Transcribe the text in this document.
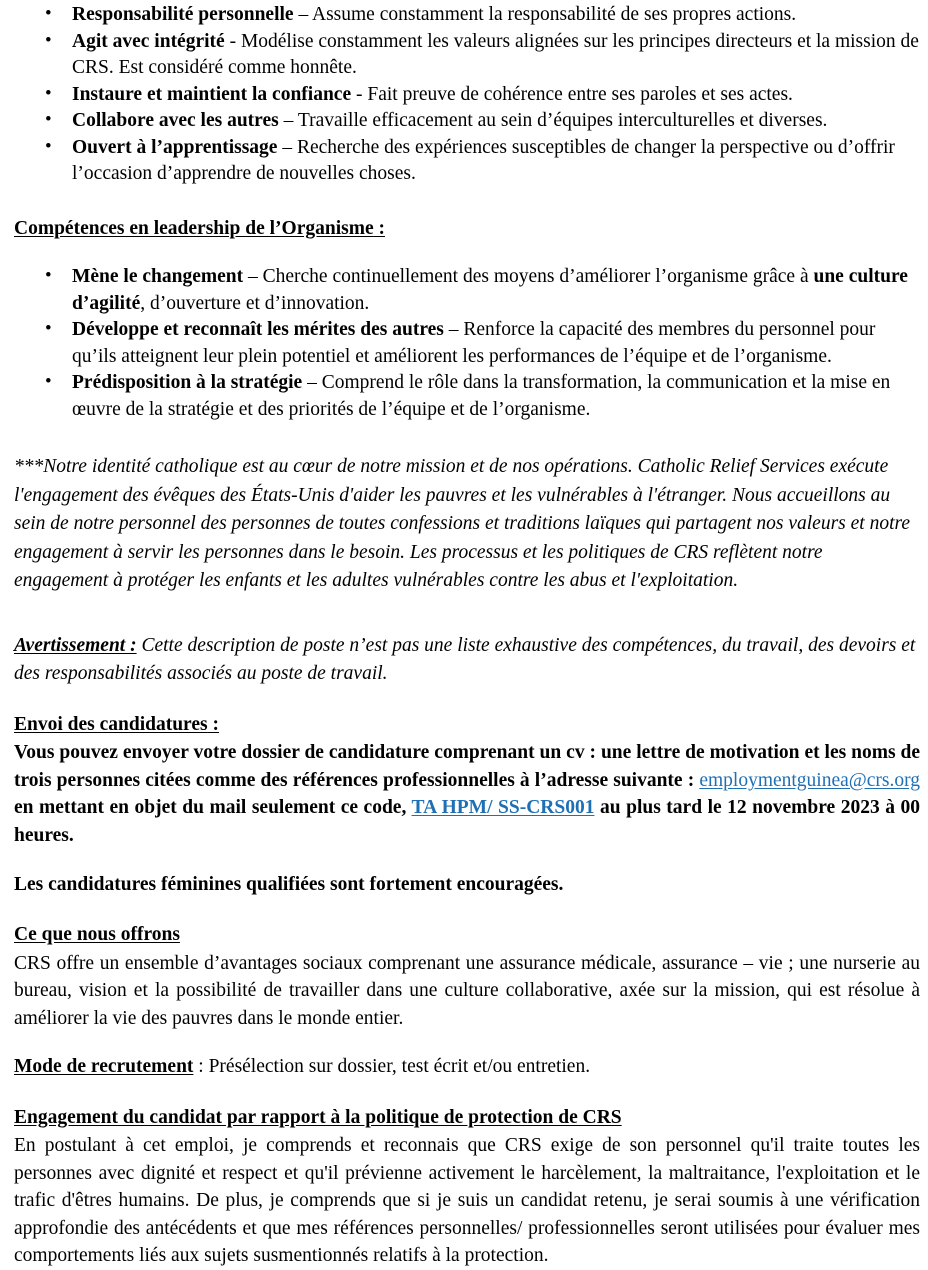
• Responsabilité personnelle – Assume constamment la responsabilité de ses propres actions.
• Agit avec intégrité - Modélise constamment les valeurs alignées sur les principes directeurs et la mission de CRS. Est considéré comme honnête.
• Instaure et maintient la confiance - Fait preuve de cohérence entre ses paroles et ses actes.
• Collabore avec les autres – Travaille efficacement au sein d’équipes interculturelles et diverses.
• Ouvert à l’apprentissage – Recherche des expériences susceptibles de changer la perspective ou d’offrir l’occasion d’apprendre de nouvelles choses.
Compétences en leadership de l’Organisme :
• Mène le changement – Cherche continuellement des moyens d’améliorer l’organisme grâce à une culture d’agilité, d’ouverture et d’innovation.
• Développe et reconnaît les mérites des autres – Renforce la capacité des membres du personnel pour qu’ils atteignent leur plein potentiel et améliorent les performances de l’équipe et de l’organisme.
• Prédisposition à la stratégie – Comprend le rôle dans la transformation, la communication et la mise en œuvre de la stratégie et des priorités de l’équipe et de l’organisme.

***Notre identité catholique est au cœur de notre mission et de nos opérations. Catholic Relief Services exécute l'engagement des évêques des États-Unis d'aider les pauvres et les vulnérables à l'étranger. Nous accueillons au sein de notre personnel des personnes de toutes confessions et traditions laïques qui partagent nos valeurs et notre engagement à servir les personnes dans le besoin. Les processus et les politiques de CRS reflètent notre engagement à protéger les enfants et les adultes vulnérables contre les abus et l'exploitation.

Avertissement : Cette description de poste n’est pas une liste exhaustive des compétences, du travail, des devoirs et des responsabilités associés au poste de travail.

Envoi des candidatures :

Vous pouvez envoyer votre dossier de candidature comprenant un cv : une lettre de motivation et les noms de trois personnes citées comme des références professionnelles à l’adresse suivante : employmentguinea@crs.org en mettant en objet du mail seulement ce code, TA HPM/ SS-CRS001 au plus tard le 12 novembre 2023 à 00 heures.

Les candidatures féminines qualifiées sont fortement encouragées.

Ce que nous offrons

CRS offre un ensemble d’avantages sociaux comprenant une assurance médicale, assurance – vie ; une nurserie au bureau, vision et la possibilité de travailler dans une culture collaborative, axée sur la mission, qui est résolue à améliorer la vie des pauvres dans le monde entier.

Mode de recrutement : Présélection sur dossier, test écrit et/ou entretien.
Engagement du candidat par rapport à la politique de protection de CRS

En postulant à cet emploi, je comprends et reconnais que CRS exige de son personnel qu'il traite toutes les personnes avec dignité et respect et qu'il prévienne activement le harcèlement, la maltraitance, l'exploitation et le trafic d'êtres humains. De plus, je comprends que si je suis un candidat retenu, je serai soumis à une vérification approfondie des antécédents et que mes références personnelles/ professionnelles seront utilisées pour évaluer mes comportements liés aux sujets susmentionnés relatifs à la protection.
